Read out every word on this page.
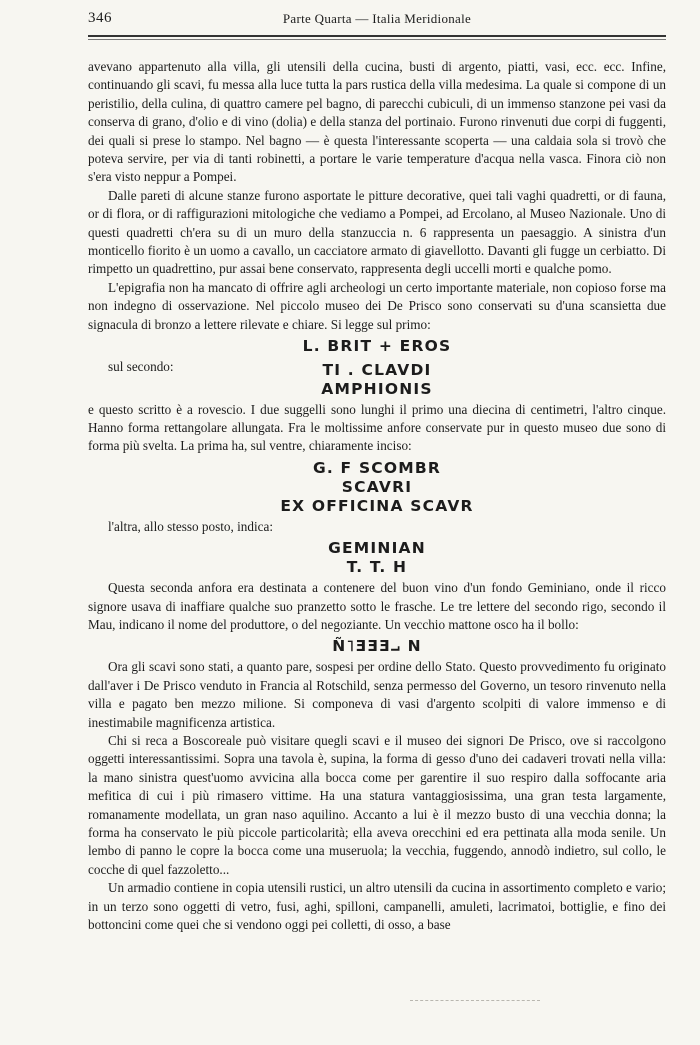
346	Parte Quarta — Italia Meridionale

avevano appartenuto alla villa, gli utensili della cucina, busti di argento, piatti, vasi, ecc. ecc. Infine, continuando gli scavi, fu messa alla luce tutta la pars rustica della villa medesima. La quale si compone di un peristilio, della culina, di quattro camere pel bagno, di parecchi cubiculi, di un immenso stanzone pei vasi da conserva di grano, d'olio e di vino (dolia) e della stanza del portinaio. Furono rinvenuti due corpi di fuggenti, dei quali si prese lo stampo. Nel bagno — è questa l'interessante scoperta — una caldaia sola si trovò che poteva servire, per via di tanti robinetti, a portare le varie temperature d'acqua nella vasca. Finora ciò non s'era visto neppur a Pompei.

Dalle pareti di alcune stanze furono asportate le pitture decorative, quei tali vaghi quadretti, or di fauna, or di flora, or di raffigurazioni mitologiche che vediamo a Pompei, ad Ercolano, al Museo Nazionale. Uno di questi quadretti ch'era su di un muro della stanzuccia n. 6 rappresenta un paesaggio. A sinistra d'un monticello fiorito è un uomo a cavallo, un cacciatore armato di giavellotto. Davanti gli fugge un cerbiatto. Di rimpetto un quadrettino, pur assai bene conservato, rappresenta degli uccelli morti e qualche pomo.

L'epigrafia non ha mancato di offrire agli archeologi un certo importante materiale, non copioso forse ma non indegno di osservazione. Nel piccolo museo dei De Prisco sono conservati su d'una scansietta due signacula di bronzo a lettere rilevate e chiare. Si legge sul primo:

L. BRIT + EROS

sul secondo:	TI . CLAVDI
AMPHIONIS

e questo scritto è a rovescio. I due suggelli sono lunghi il primo una diecina di centimetri, l'altro cinque. Hanno forma rettangolare allungata. Fra le moltissime anfore conservate pur in questo museo due sono di forma più svelta. La prima ha, sul ventre, chiaramente inciso:

G. F SCOMBR
SCAVRI
EX OFFICINA SCAVR

l'altra, allo stesso posto, indica:

GEMINIAN
T. T. H

Questa seconda anfora era destinata a contenere del buon vino d'un fondo Geminiano, onde il ricco signore usava di inaffiare qualche suo pranzetto sotto le frasche. Le tre lettere del secondo rigo, secondo il Mau, indicano il nome del produttore, o del negoziante. Un vecchio mattone osco ha il bollo:

Ñ˥ƎƎƎ⨼ N

Ora gli scavi sono stati, a quanto pare, sospesi per ordine dello Stato. Questo provvedimento fu originato dall'aver i De Prisco venduto in Francia al Rotschild, senza permesso del Governo, un tesoro rinvenuto nella villa e pagato ben mezzo milione. Si componeva di vasi d'argento scolpiti di valore immenso e di inestimabile magnificenza artistica.

Chi si reca a Boscoreale può visitare quegli scavi e il museo dei signori De Prisco, ove si raccolgono oggetti interessantissimi. Sopra una tavola è, supina, la forma di gesso d'uno dei cadaveri trovati nella villa: la mano sinistra quest'uomo avvicina alla bocca come per garentire il suo respiro dalla soffocante aria mefitica di cui i più rimasero vittime. Ha una statura vantaggiosissima, una gran testa largamente, romanamente modellata, un gran naso aquilino. Accanto a lui è il mezzo busto di una vecchia donna; la forma ha conservato le più piccole particolarità; ella aveva orecchini ed era pettinata alla moda senile. Un lembo di panno le copre la bocca come una museruola; la vecchia, fuggendo, annodò indietro, sul collo, le cocche di quel fazzoletto...

Un armadio contiene in copia utensili rustici, un altro utensili da cucina in assortimento completo e vario; in un terzo sono oggetti di vetro, fusi, aghi, spilloni, campanelli, amuleti, lacrimatoi, bottiglie, e fino dei bottoncini come quei che si vendono oggi pei colletti, di osso, a base
